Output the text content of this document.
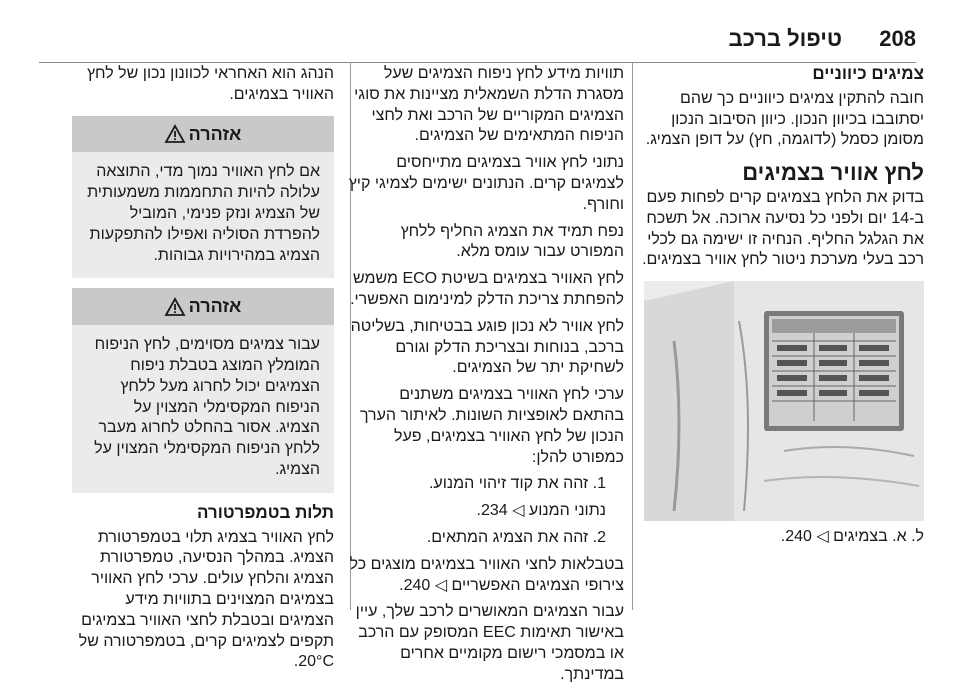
208
טיפול ברכב
צמיגים כיווניים

חובה להתקין צמיגים כיווניים כך שהם יסתובבו בכיוון הנכון. כיוון הסיבוב הנכון מסומן כסמל (לדוגמה, חץ) על דופן הצמיג.

לחץ אוויר בצמיגים

בדוק את הלחץ בצמיגים קרים לפחות פעם ב-14 יום ולפני כל נסיעה ארוכה. אל תשכח את הגלגל החליף. הנחיה זו ישימה גם לכלי רכב בעלי מערכת ניטור לחץ אוויר בצמיגים.

ל. א. בצמיגים ◁ 240.

תוויות מידע לחץ ניפוח הצמיגים שעל מסגרת הדלת השמאלית מציינות את סוגי הצמיגים המקוריים של הרכב ואת לחצי הניפוח המתאימים של הצמיגים.

נתוני לחץ אוויר בצמיגים מתייחסים לצמיגים קרים. הנתונים ישימים לצמיגי קיץ וחורף.

נפח תמיד את הצמיג החליף ללחץ המפורט עבור עומס מלא.

לחץ האוויר בצמיגים בשיטת ECO משמש להפחתת צריכת הדלק למינימום האפשרי.

לחץ אוויר לא נכון פוגע בבטיחות, בשליטה ברכב, בנוחות ובצריכת הדלק וגורם לשחיקת יתר של הצמיגים.

ערכי לחץ האוויר בצמיגים משתנים בהתאם לאופציות השונות. לאיתור הערך הנכון של לחץ האוויר בצמיגים, פעל כמפורט להלן:

1. זהה את קוד זיהוי המנוע.

נתוני המנוע ◁ 234.

2. זהה את הצמיג המתאים.

בטבלאות לחצי האוויר בצמיגים מוצגים כל צירופי הצמיגים האפשריים ◁ 240.

עבור הצמיגים המאושרים לרכב שלך, עיין באישור תאימות EEC המסופק עם הרכב או במסמכי רישום מקומיים אחרים במדינתך.

הנהג הוא האחראי לכוונון נכון של לחץ האוויר בצמיגים.

אזהרה
אם לחץ האוויר נמוך מדי, התוצאה עלולה להיות התחממות משמעותית של הצמיג ונזק פנימי, המוביל להפרדת הסוליה ואפילו להתפקעות הצמיג במהירויות גבוהות.
אזהרה
עבור צמיגים מסוימים, לחץ הניפוח המומלץ המוצג בטבלת ניפוח הצמיגים יכול לחרוג מעל ללחץ הניפוח המקסימלי המצוין על הצמיג. אסור בהחלט לחרוג מעבר ללחץ הניפוח המקסימלי המצוין על הצמיג.
תלות בטמפרטורה

לחץ האוויר בצמיג תלוי בטמפרטורת הצמיג. במהלך הנסיעה, טמפרטורת הצמיג והלחץ עולים. ערכי לחץ האוויר בצמיגים המצוינים בתוויות מידע הצמיגים ובטבלת לחצי האוויר בצמיגים תקפים לצמיגים קרים, בטמפרטורה של 20°C.
